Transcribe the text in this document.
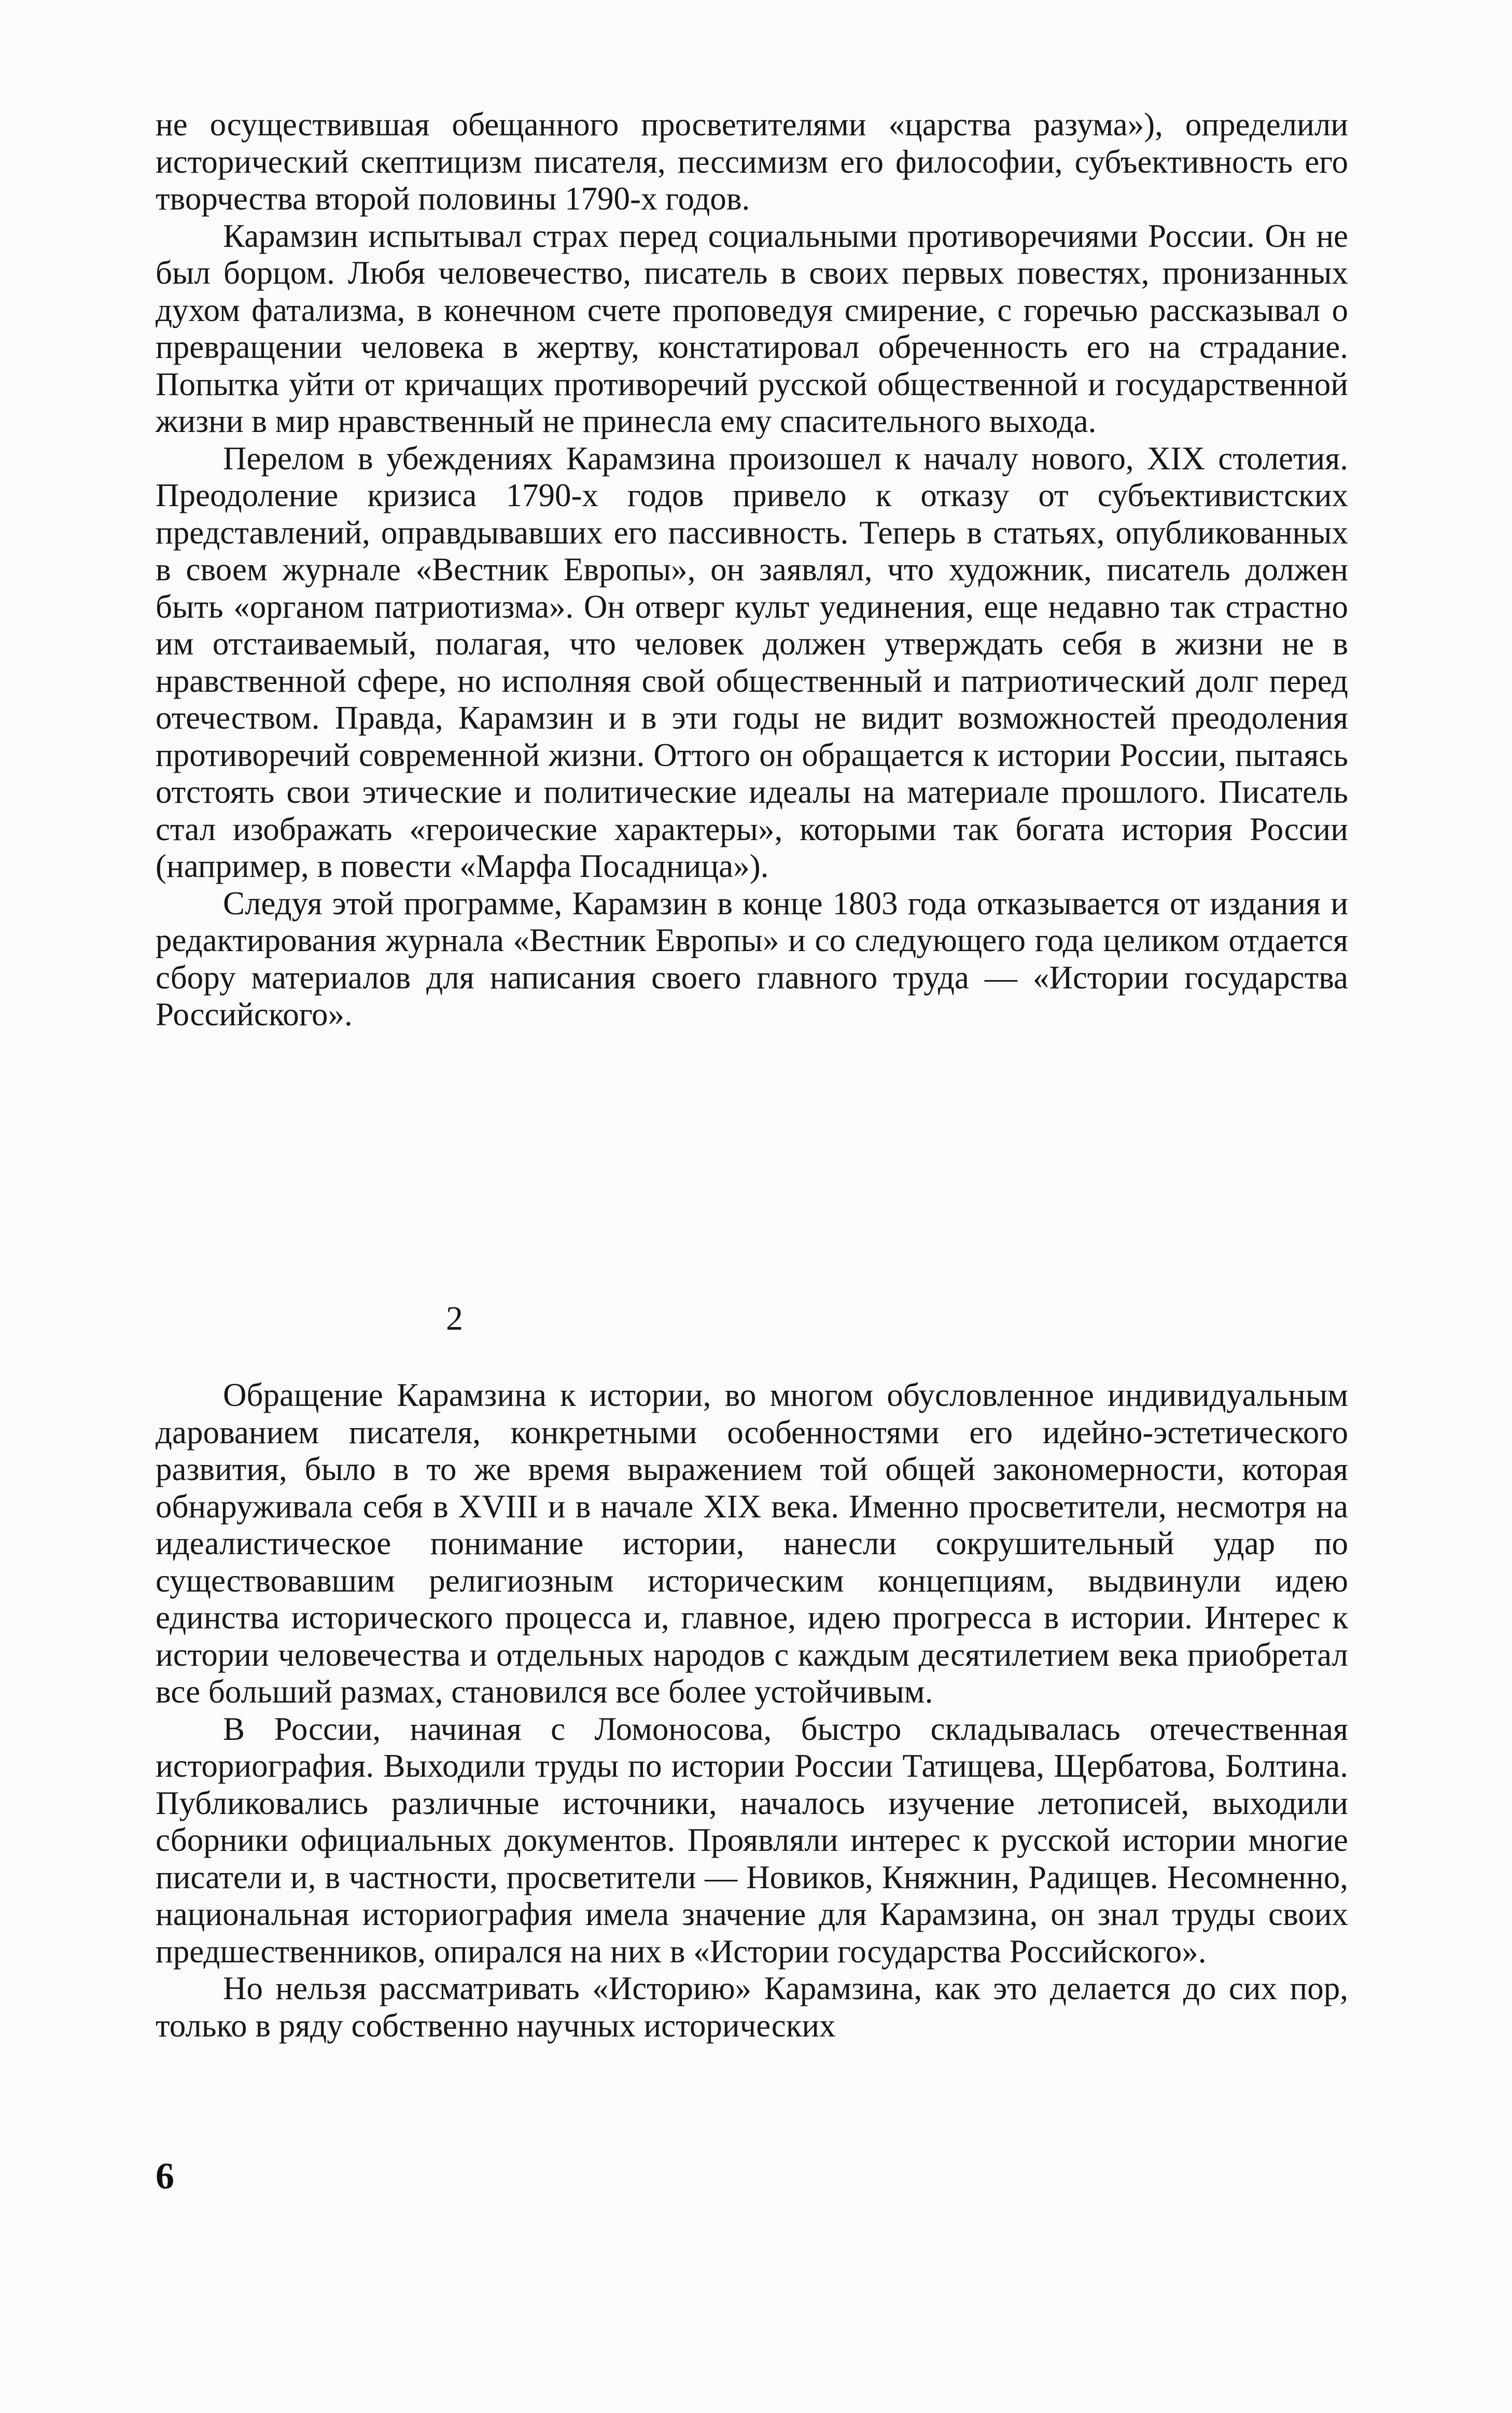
не осуществившая обещанного просветителями «царства разума»), определили исторический скептицизм писателя, пессимизм его философии, субъективность его творчества второй половины 1790-х годов.

Карамзин испытывал страх перед социальными противоречиями России. Он не был борцом. Любя человечество, писатель в своих первых повестях, пронизанных духом фатализма, в конечном счете проповедуя смирение, с горечью рассказывал о превращении человека в жертву, констатировал обреченность его на страдание. Попытка уйти от кричащих противоречий русской общественной и государственной жизни в мир нравственный не принесла ему спасительного выхода.

Перелом в убеждениях Карамзина произошел к началу нового, XIX столетия. Преодоление кризиса 1790-х годов привело к отказу от субъективистских представлений, оправдывавших его пассивность. Теперь в статьях, опубликованных в своем журнале «Вестник Европы», он заявлял, что художник, писатель должен быть «органом патриотизма». Он отверг культ уединения, еще недавно так страстно им отстаиваемый, полагая, что человек должен утверждать себя в жизни не в нравственной сфере, но исполняя свой общественный и патриотический долг перед отечеством. Правда, Карамзин и в эти годы не видит возможностей преодоления противоречий современной жизни. Оттого он обращается к истории России, пытаясь отстоять свои этические и политические идеалы на материале прошлого. Писатель стал изображать «героические характеры», которыми так богата история России (например, в повести «Марфа Посадница»).

Следуя этой программе, Карамзин в конце 1803 года отказывается от издания и редактирования журнала «Вестник Европы» и со следующего года целиком отдается сбору материалов для написания своего главного труда — «Истории государства Российского».

2

Обращение Карамзина к истории, во многом обусловленное индивидуальным дарованием писателя, конкретными особенностями его идейно-эстетического развития, было в то же время выражением той общей закономерности, которая обнаруживала себя в XVIII и в начале XIX века. Именно просветители, несмотря на идеалистическое понимание истории, нанесли сокрушительный удар по существовавшим религиозным историческим концепциям, выдвинули идею единства исторического процесса и, главное, идею прогресса в истории. Интерес к истории человечества и отдельных народов с каждым десятилетием века приобретал все больший размах, становился все более устойчивым.

В России, начиная с Ломоносова, быстро складывалась отечественная историография. Выходили труды по истории России Татищева, Щербатова, Болтина. Публиковались различные источники, началось изучение летописей, выходили сборники официальных документов. Проявляли интерес к русской истории многие писатели и, в частности, просветители — Новиков, Княжнин, Радищев. Несомненно, национальная историография имела значение для Карамзина, он знал труды своих предшественников, опирался на них в «Истории государства Российского».

Но нельзя рассматривать «Историю» Карамзина, как это делается до сих пор, только в ряду собственно научных исторических

6
